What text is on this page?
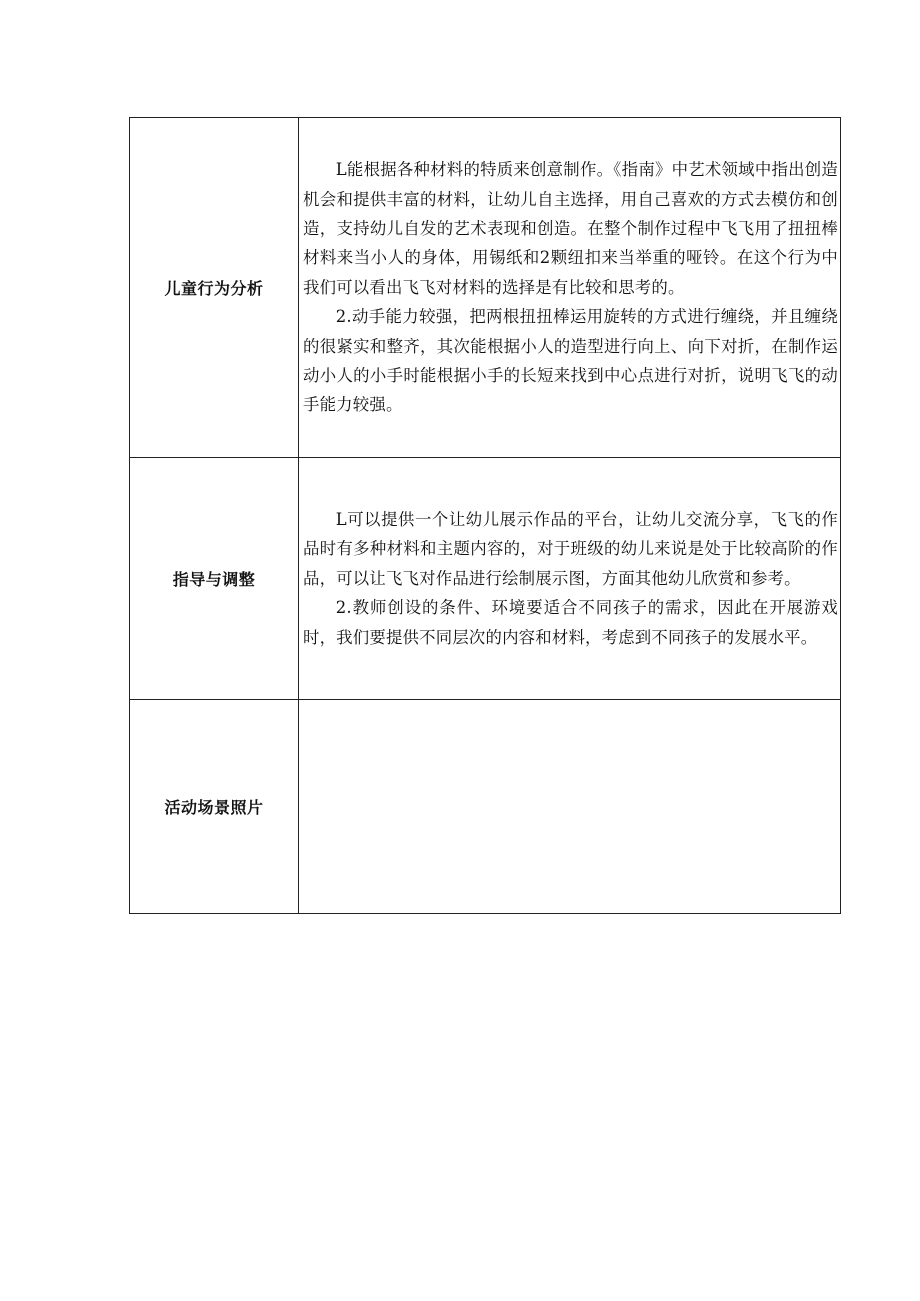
儿童行为分析	L能根据各种材料的特质来创意制作。《指南》中艺术领域中指出创造机会和提供丰富的材料，让幼儿自主选择，用自己喜欢的方式去模仿和创造，支持幼儿自发的艺术表现和创造。在整个制作过程中飞飞用了扭扭棒材料来当小人的身体，用锡纸和2颗纽扣来当举重的哑铃。在这个行为中我们可以看出飞飞对材料的选择是有比较和思考的。

2.动手能力较强，把两根扭扭棒运用旋转的方式进行缠绕，并且缠绕的很紧实和整齐，其次能根据小人的造型进行向上、向下对折，在制作运动小人的小手时能根据小手的长短来找到中心点进行对折，说明飞飞的动手能力较强。

指导与调整	L可以提供一个让幼儿展示作品的平台，让幼儿交流分享，飞飞的作品时有多种材料和主题内容的，对于班级的幼儿来说是处于比较高阶的作品，可以让飞飞对作品进行绘制展示图，方面其他幼儿欣赏和参考。

2.教师创设的条件、环境要适合不同孩子的需求，因此在开展游戏时，我们要提供不同层次的内容和材料，考虑到不同孩子的发展水平。

活动场景照片	
